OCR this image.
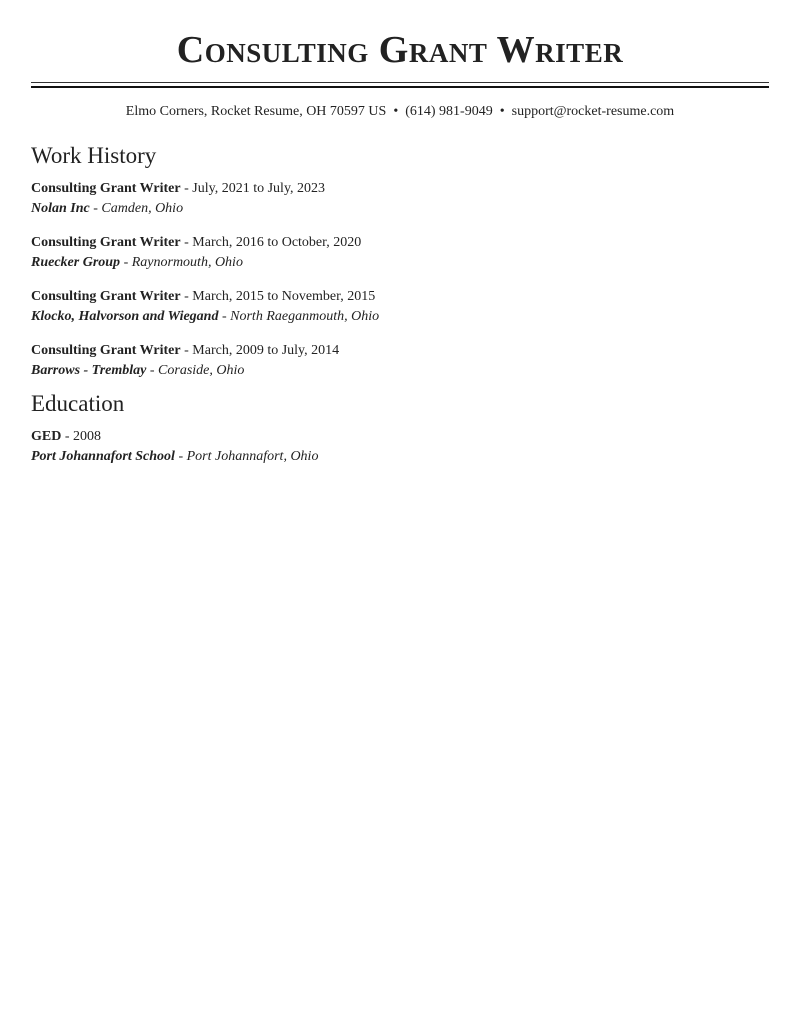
Consulting Grant Writer
Elmo Corners, Rocket Resume, OH 70597 US • (614) 981-9049 • support@rocket-resume.com
Work History
Consulting Grant Writer - July, 2021 to July, 2023
Nolan Inc - Camden, Ohio
Consulting Grant Writer - March, 2016 to October, 2020
Ruecker Group - Raynormouth, Ohio
Consulting Grant Writer - March, 2015 to November, 2015
Klocko, Halvorson and Wiegand - North Raeganmouth, Ohio
Consulting Grant Writer - March, 2009 to July, 2014
Barrows - Tremblay - Coraside, Ohio
Education
GED - 2008
Port Johannafort School - Port Johannafort, Ohio
